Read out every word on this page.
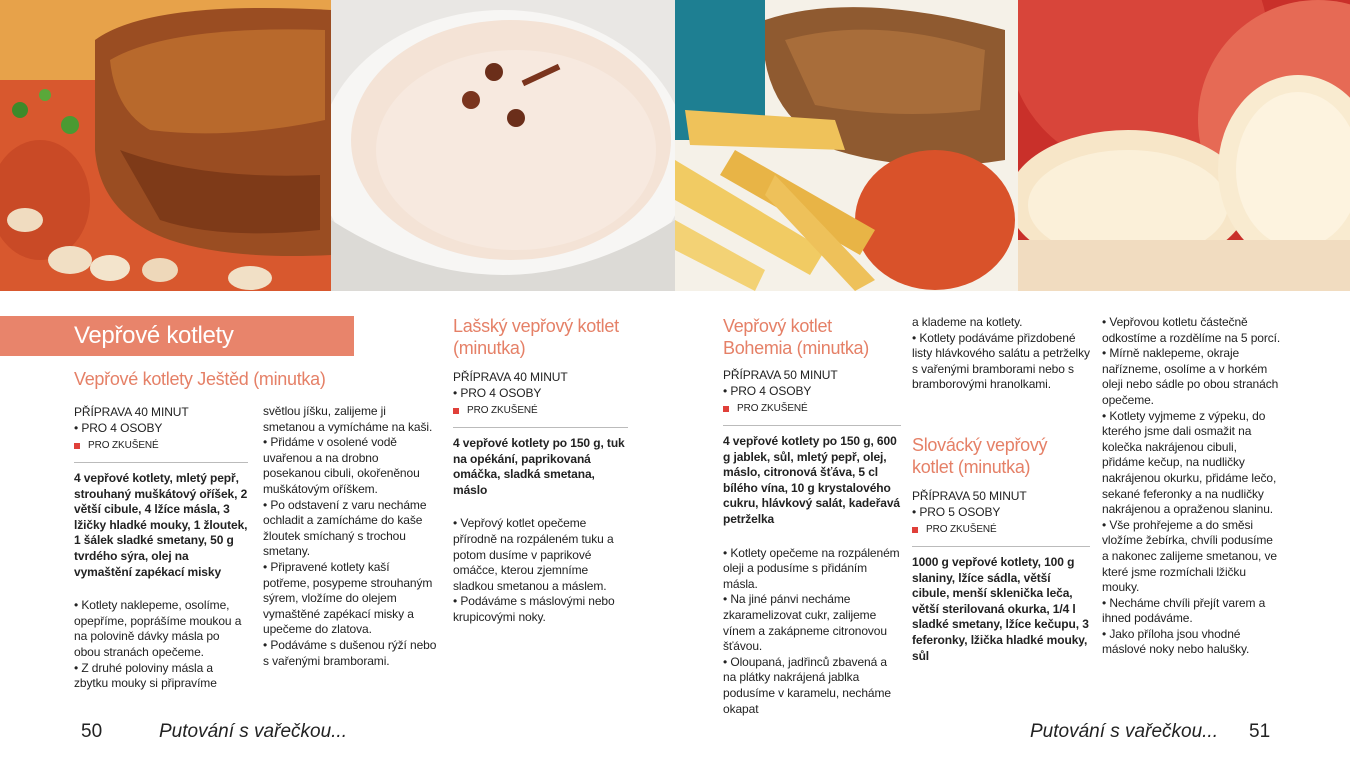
Vepřové kotlety
Vepřové kotlety Ještěd (minutka)

PŘÍPRAVA 40 MINUT

• PRO 4 OSOBY

PRO ZKUŠENÉ

4 vepřové kotlety, mletý pepř, strouhaný muškátový oříšek, 2 větší cibule, 4 lžíce másla, 3 lžičky hladké mouky, 1 žloutek, 1 šálek sladké smetany, 50 g tvrdého sýra, olej na vymaštění zapékací misky

• Kotlety naklepeme, osolíme, opepříme, poprášíme moukou a na polovině dávky másla po obou stranách opečeme.

• Z druhé poloviny másla a zbytku mouky si připravíme

světlou jíšku, zalijeme ji smetanou a vymícháme na kaši.

• Přidáme v osolené vodě uvařenou a na drobno posekanou cibuli, okořeněnou muškátovým oříškem.

• Po odstavení z varu necháme ochladit a zamícháme do kaše žloutek smíchaný s trochou smetany.

• Připravené kotlety kaší potřeme, posypeme strouhaným sýrem, vložíme do olejem vymaštěné zapékací misky a upečeme do zlatova.

• Podáváme s dušenou rýží nebo s vařenými bramborami.

Lašský vepřový kotlet (minutka)

PŘÍPRAVA 40 MINUT

• PRO 4 OSOBY

PRO ZKUŠENÉ

4 vepřové kotlety po 150 g, tuk na opékání, paprikovaná omáčka, sladká smetana, máslo

• Vepřový kotlet opečeme přírodně na rozpáleném tuku a potom dusíme v paprikové omáčce, kterou zjemníme sladkou smetanou a máslem.

• Podáváme s máslovými nebo krupicovými noky.

50	Putování s vařečkou...
Vepřový kotlet Bohemia (minutka)

PŘÍPRAVA 50 MINUT

• PRO 4 OSOBY

PRO ZKUŠENÉ

4 vepřové kotlety po 150 g, 600 g jablek, sůl, mletý pepř, olej, máslo, citronová šťáva, 5 cl bílého vína, 10 g krystalového cukru, hlávkový salát, kadeřavá petrželka

• Kotlety opečeme na rozpáleném oleji a podusíme s přidáním másla.

• Na jiné pánvi necháme zkaramelizovat cukr, zalijeme vínem a zakápneme citronovou šťávou.

• Oloupaná, jadřinců zbavená a na plátky nakrájená jablka podusíme v karamelu, necháme okapat

a klademe na kotlety.

• Kotlety podáváme přizdobené listy hlávkového salátu a petrželky s vařenými bramborami nebo s bramborovými hranolkami.

Slovácký vepřový kotlet (minutka)

PŘÍPRAVA 50 MINUT

• PRO 5 OSOBY

PRO ZKUŠENÉ

1000 g vepřové kotlety, 100 g slaniny, lžíce sádla, větší cibule, menší sklenička leča, větší sterilovaná okurka, 1/4 l sladké smetany, lžíce kečupu, 3 feferonky, lžička hladké mouky, sůl

• Vepřovou kotletu částečně odkostíme a rozdělíme na 5 porcí.

• Mírně naklepeme, okraje nařízneme, osolíme a v horkém oleji nebo sádle po obou stranách opečeme.

• Kotlety vyjmeme z výpeku, do kterého jsme dali osmažit na kolečka nakrájenou cibuli, přidáme kečup, na nudličky nakrájenou okurku, přidáme lečo, sekané feferonky a na nudličky nakrájenou a opraženou slaninu.

• Vše prohřejeme a do směsi vložíme žebírka, chvíli podusíme a nakonec zalijeme smetanou, ve které jsme rozmíchali lžičku mouky.

• Necháme chvíli přejít varem a ihned podáváme.

• Jako příloha jsou vhodné máslové noky nebo halušky.

Putování s vařečkou... 51
